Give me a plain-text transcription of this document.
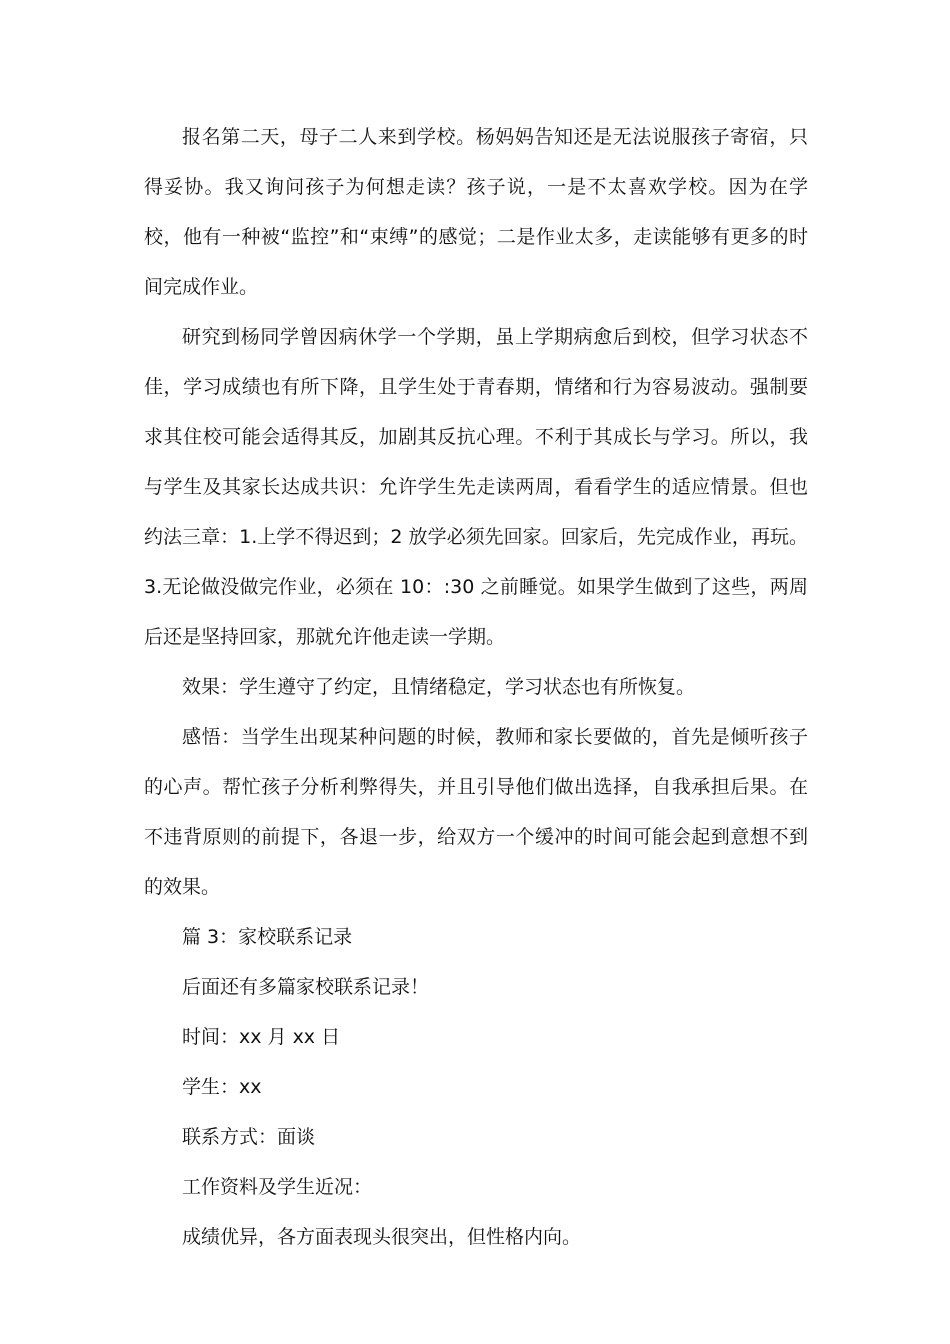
报名第二天，母子二人来到学校。杨妈妈告知还是无法说服孩子寄宿，只得妥协。我又询问孩子为何想走读？孩子说，一是不太喜欢学校。因为在学校，他有一种被“监控”和“束缚”的感觉；二是作业太多，走读能够有更多的时间完成作业。

研究到杨同学曾因病休学一个学期，虽上学期病愈后到校，但学习状态不佳，学习成绩也有所下降，且学生处于青春期，情绪和行为容易波动。强制要求其住校可能会适得其反，加剧其反抗心理。不利于其成长与学习。所以，我与学生及其家长达成共识：允许学生先走读两周，看看学生的适应情景。但也约法三章：1.上学不得迟到；2 放学必须先回家。回家后，先完成作业，再玩。3.无论做没做完作业，必须在 10：:30 之前睡觉。如果学生做到了这些，两周后还是坚持回家，那就允许他走读一学期。

效果：学生遵守了约定，且情绪稳定，学习状态也有所恢复。

感悟：当学生出现某种问题的时候，教师和家长要做的，首先是倾听孩子的心声。帮忙孩子分析利弊得失，并且引导他们做出选择，自我承担后果。在不违背原则的前提下，各退一步，给双方一个缓冲的时间可能会起到意想不到的效果。

篇 3：家校联系记录

后面还有多篇家校联系记录！

时间：xx 月 xx 日

学生：xx

联系方式：面谈

工作资料及学生近况：

成绩优异，各方面表现头很突出，但性格内向。
